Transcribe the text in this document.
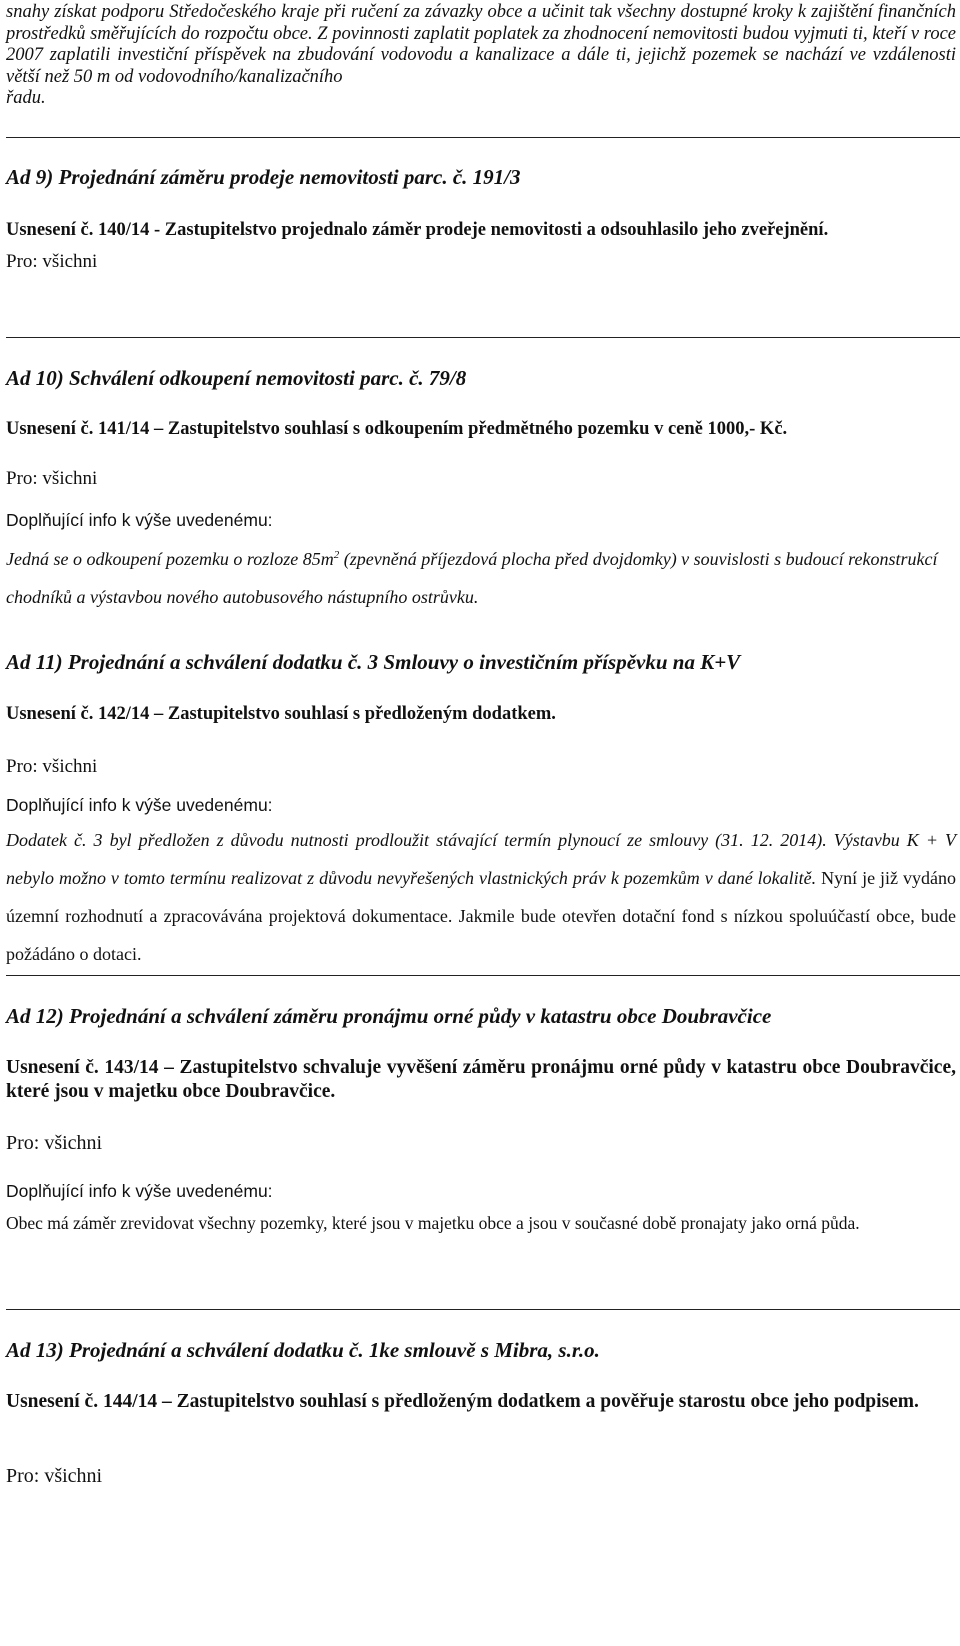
snahy získat podporu Středočeského kraje při ručení za závazky obce a učinit tak všechny dostupné kroky k zajištění finančních prostředků směřujících do rozpočtu obce. Z povinnosti zaplatit poplatek za zhodnocení nemovitosti budou vyjmuti ti, kteří v roce 2007 zaplatili investiční příspěvek na zbudování vodovodu a kanalizace a dále ti, jejichž pozemek se nachází ve vzdálenosti větší než 50 m od vodovodního/kanalizačního
řadu.

Ad 9) Projednání záměru prodeje nemovitosti parc. č. 191/3
Usnesení č. 140/14 - Zastupitelstvo projednalo záměr prodeje nemovitosti a odsouhlasilo jeho zveřejnění.
Pro: všichni
Ad 10) Schválení odkoupení nemovitosti parc. č. 79/8
Usnesení č. 141/14 – Zastupitelstvo souhlasí s odkoupením předmětného pozemku v ceně 1000,- Kč.
Pro: všichni
Doplňující info k výše uvedenému:

Jedná se o odkoupení pozemku o rozloze $85m^2$ (zpevněná příjezdová plocha před dvojdomky) v souvislosti s budoucí rekonstrukcí chodníků a výstavbou nového autobusového nástupního ostrůvku.

Ad 11) Projednání a schválení dodatku č. 3 Smlouvy o investičním příspěvku na K+V
Usnesení č. 142/14 – Zastupitelstvo souhlasí s předloženým dodatkem.
Pro: všichni
Doplňující info k výše uvedenému:

Dodatek č. 3 byl předložen z důvodu nutnosti prodloužit stávající termín plynoucí ze smlouvy (31. 12. 2014). Výstavbu K + V nebylo možno v tomto termínu realizovat z důvodu nevyřešených vlastnických práv k pozemkům v dané lokalitě. Nyní je již vydáno územní rozhodnutí a zpracovávána projektová dokumentace. Jakmile bude otevřen dotační fond s nízkou spoluúčastí obce, bude požádáno o dotaci.

Ad 12) Projednání a schválení záměru pronájmu orné půdy v katastru obce Doubravčice

Usnesení č. 143/14 – Zastupitelstvo schvaluje vyvěšení záměru pronájmu orné půdy v katastru obce Doubravčice, které jsou v majetku obce Doubravčice.

Pro: všichni
Doplňující info k výše uvedenému:

Obec má záměr zrevidovat všechny pozemky, které jsou v majetku obce a jsou v současné době pronajaty jako orná půda.

Ad 13) Projednání a schválení dodatku č. 1ke smlouvě s Mibra, s.r.o.

Usnesení č. 144/14 – Zastupitelstvo souhlasí s předloženým dodatkem a pověřuje starostu obce jeho podpisem.

Pro: všichni
